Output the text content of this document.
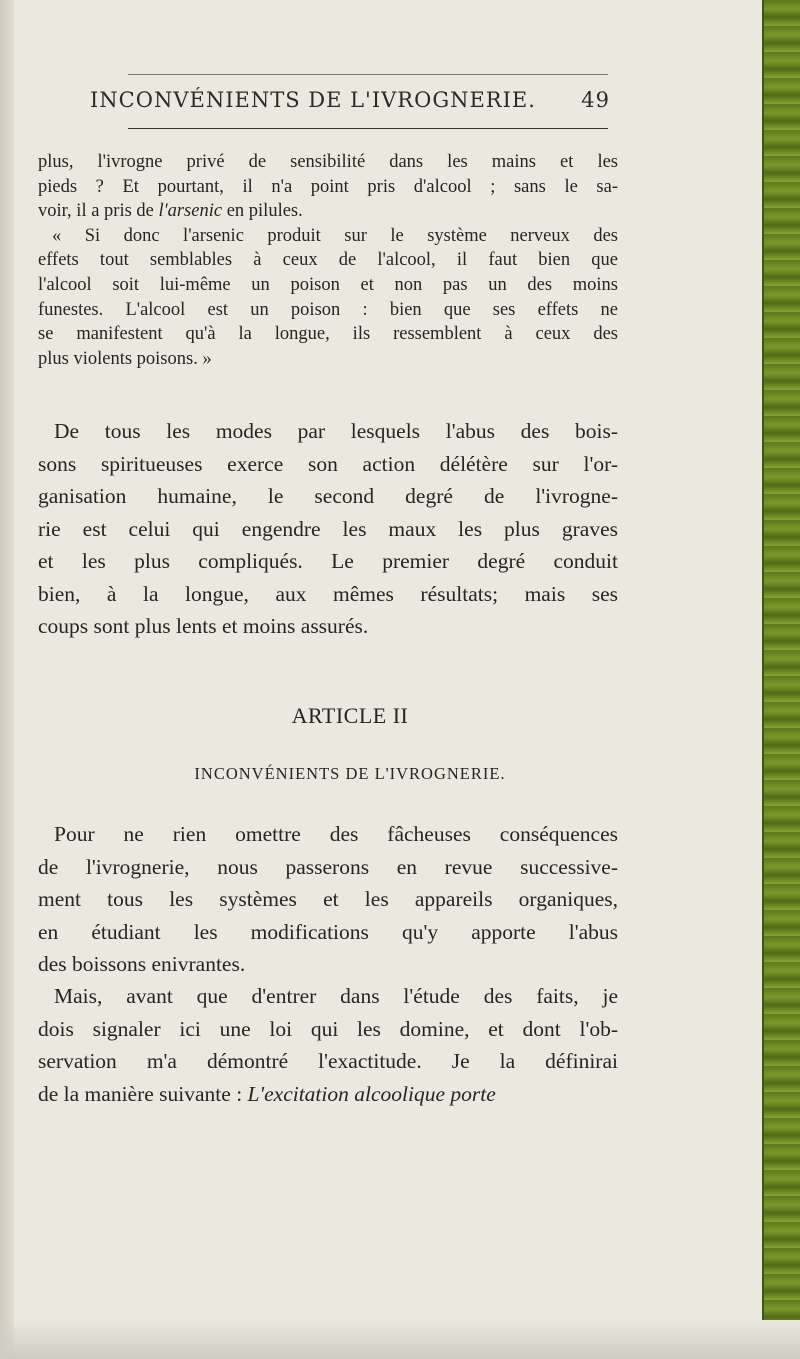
INCONVÉNIENTS DE L'IVROGNERIE. 49
plus, l'ivrogne privé de sensibilité dans les mains et les
pieds ? Et pourtant, il n'a point pris d'alcool ; sans le sa-
voir, il a pris de l'arsenic en pilules.
« Si donc l'arsenic produit sur le système nerveux des
effets tout semblables à ceux de l'alcool, il faut bien que
l'alcool soit lui-même un poison et non pas un des moins
funestes. L'alcool est un poison : bien que ses effets ne
se manifestent qu'à la longue, ils ressemblent à ceux des
plus violents poisons. »
De tous les modes par lesquels l'abus des bois-
sons spiritueuses exerce son action délétère sur l'or-
ganisation humaine, le second degré de l'ivrogne-
rie est celui qui engendre les maux les plus graves
et les plus compliqués. Le premier degré conduit
bien, à la longue, aux mêmes résultats; mais ses
coups sont plus lents et moins assurés.
ARTICLE II
INCONVÉNIENTS DE L'IVROGNERIE.
Pour ne rien omettre des fâcheuses conséquences
de l'ivrognerie, nous passerons en revue successive-
ment tous les systèmes et les appareils organiques,
en étudiant les modifications qu'y apporte l'abus
des boissons enivrantes.
Mais, avant que d'entrer dans l'étude des faits, je
dois signaler ici une loi qui les domine, et dont l'ob-
servation m'a démontré l'exactitude. Je la définirai
de la manière suivante : L'excitation alcoolique porte
